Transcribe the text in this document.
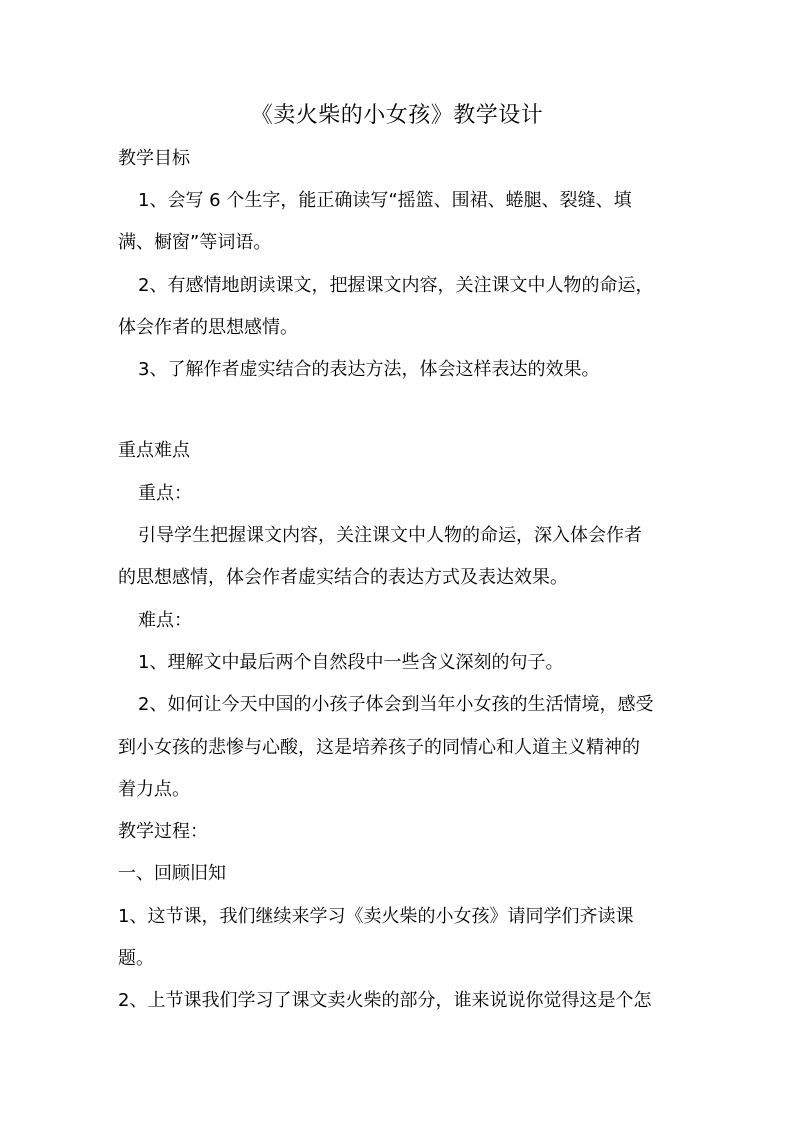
《卖火柴的小女孩》教学设计
教学目标
1、会写 6 个生字，能正确读写“摇篮、围裙、蜷腿、裂缝、填
满、橱窗”等词语。
2、有感情地朗读课文，把握课文内容，关注课文中人物的命运，
体会作者的思想感情。
3、了解作者虚实结合的表达方法，体会这样表达的效果。
重点难点
重点：
引导学生把握课文内容，关注课文中人物的命运，深入体会作者
的思想感情，体会作者虚实结合的表达方式及表达效果。
难点：
1、理解文中最后两个自然段中一些含义深刻的句子。
2、如何让今天中国的小孩子体会到当年小女孩的生活情境，感受
到小女孩的悲惨与心酸，这是培养孩子的同情心和人道主义精神的
着力点。
教学过程：
一、回顾旧知
1、这节课，我们继续来学习《卖火柴的小女孩》请同学们齐读课
题。
2、上节课我们学习了课文卖火柴的部分，谁来说说你觉得这是个怎
